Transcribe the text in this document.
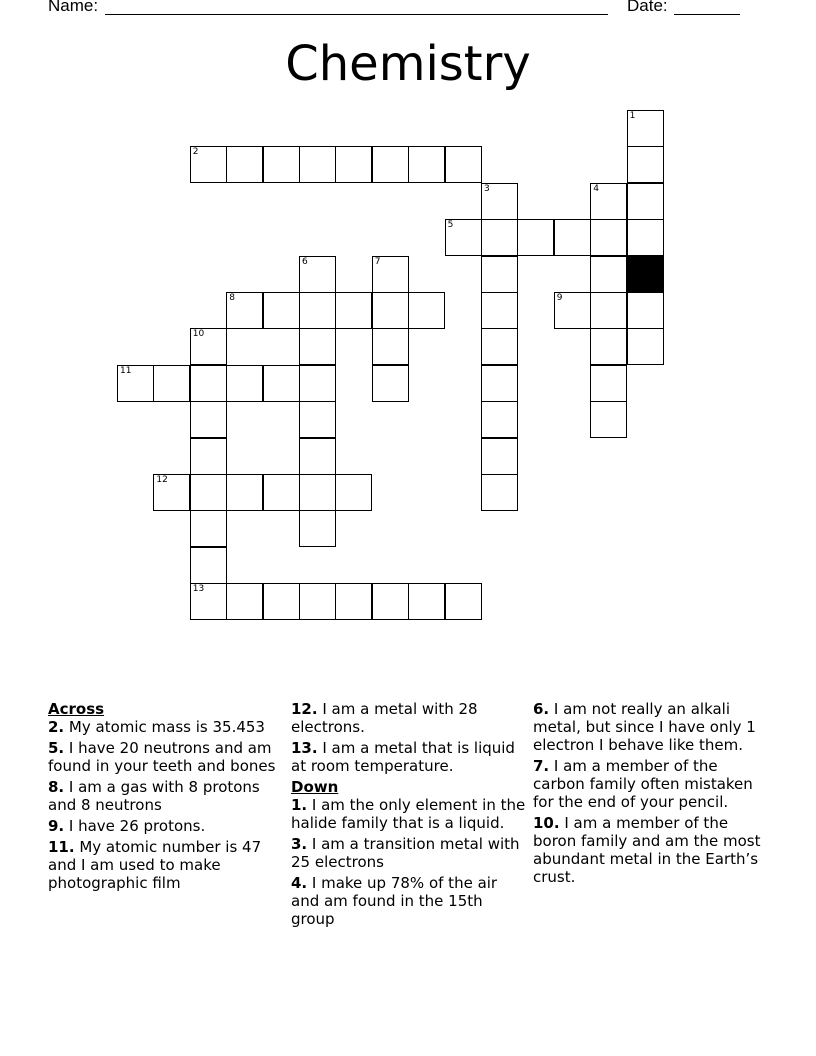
Name:	Date:
Chemistry
1
2
3	4
5
6	7
8	9
10
11
12
13
Across
2. My atomic mass is 35.453
5. I have 20 neutrons and am found in your teeth and bones
8. I am a gas with 8 protons and 8 neutrons
9. I have 26 protons.
11. My atomic number is 47 and I am used to make photographic film
12. I am a metal with 28 electrons.
13. I am a metal that is liquid at room temperature.
Down
1. I am the only element in the halide family that is a liquid.
3. I am a transition metal with 25 electrons
4. I make up 78% of the air and am found in the 15th group
6. I am not really an alkali metal, but since I have only 1 electron I behave like them.
7. I am a member of the carbon family often mistaken for the end of your pencil.
10. I am a member of the boron family and am the most abundant metal in the Earth’s crust.
